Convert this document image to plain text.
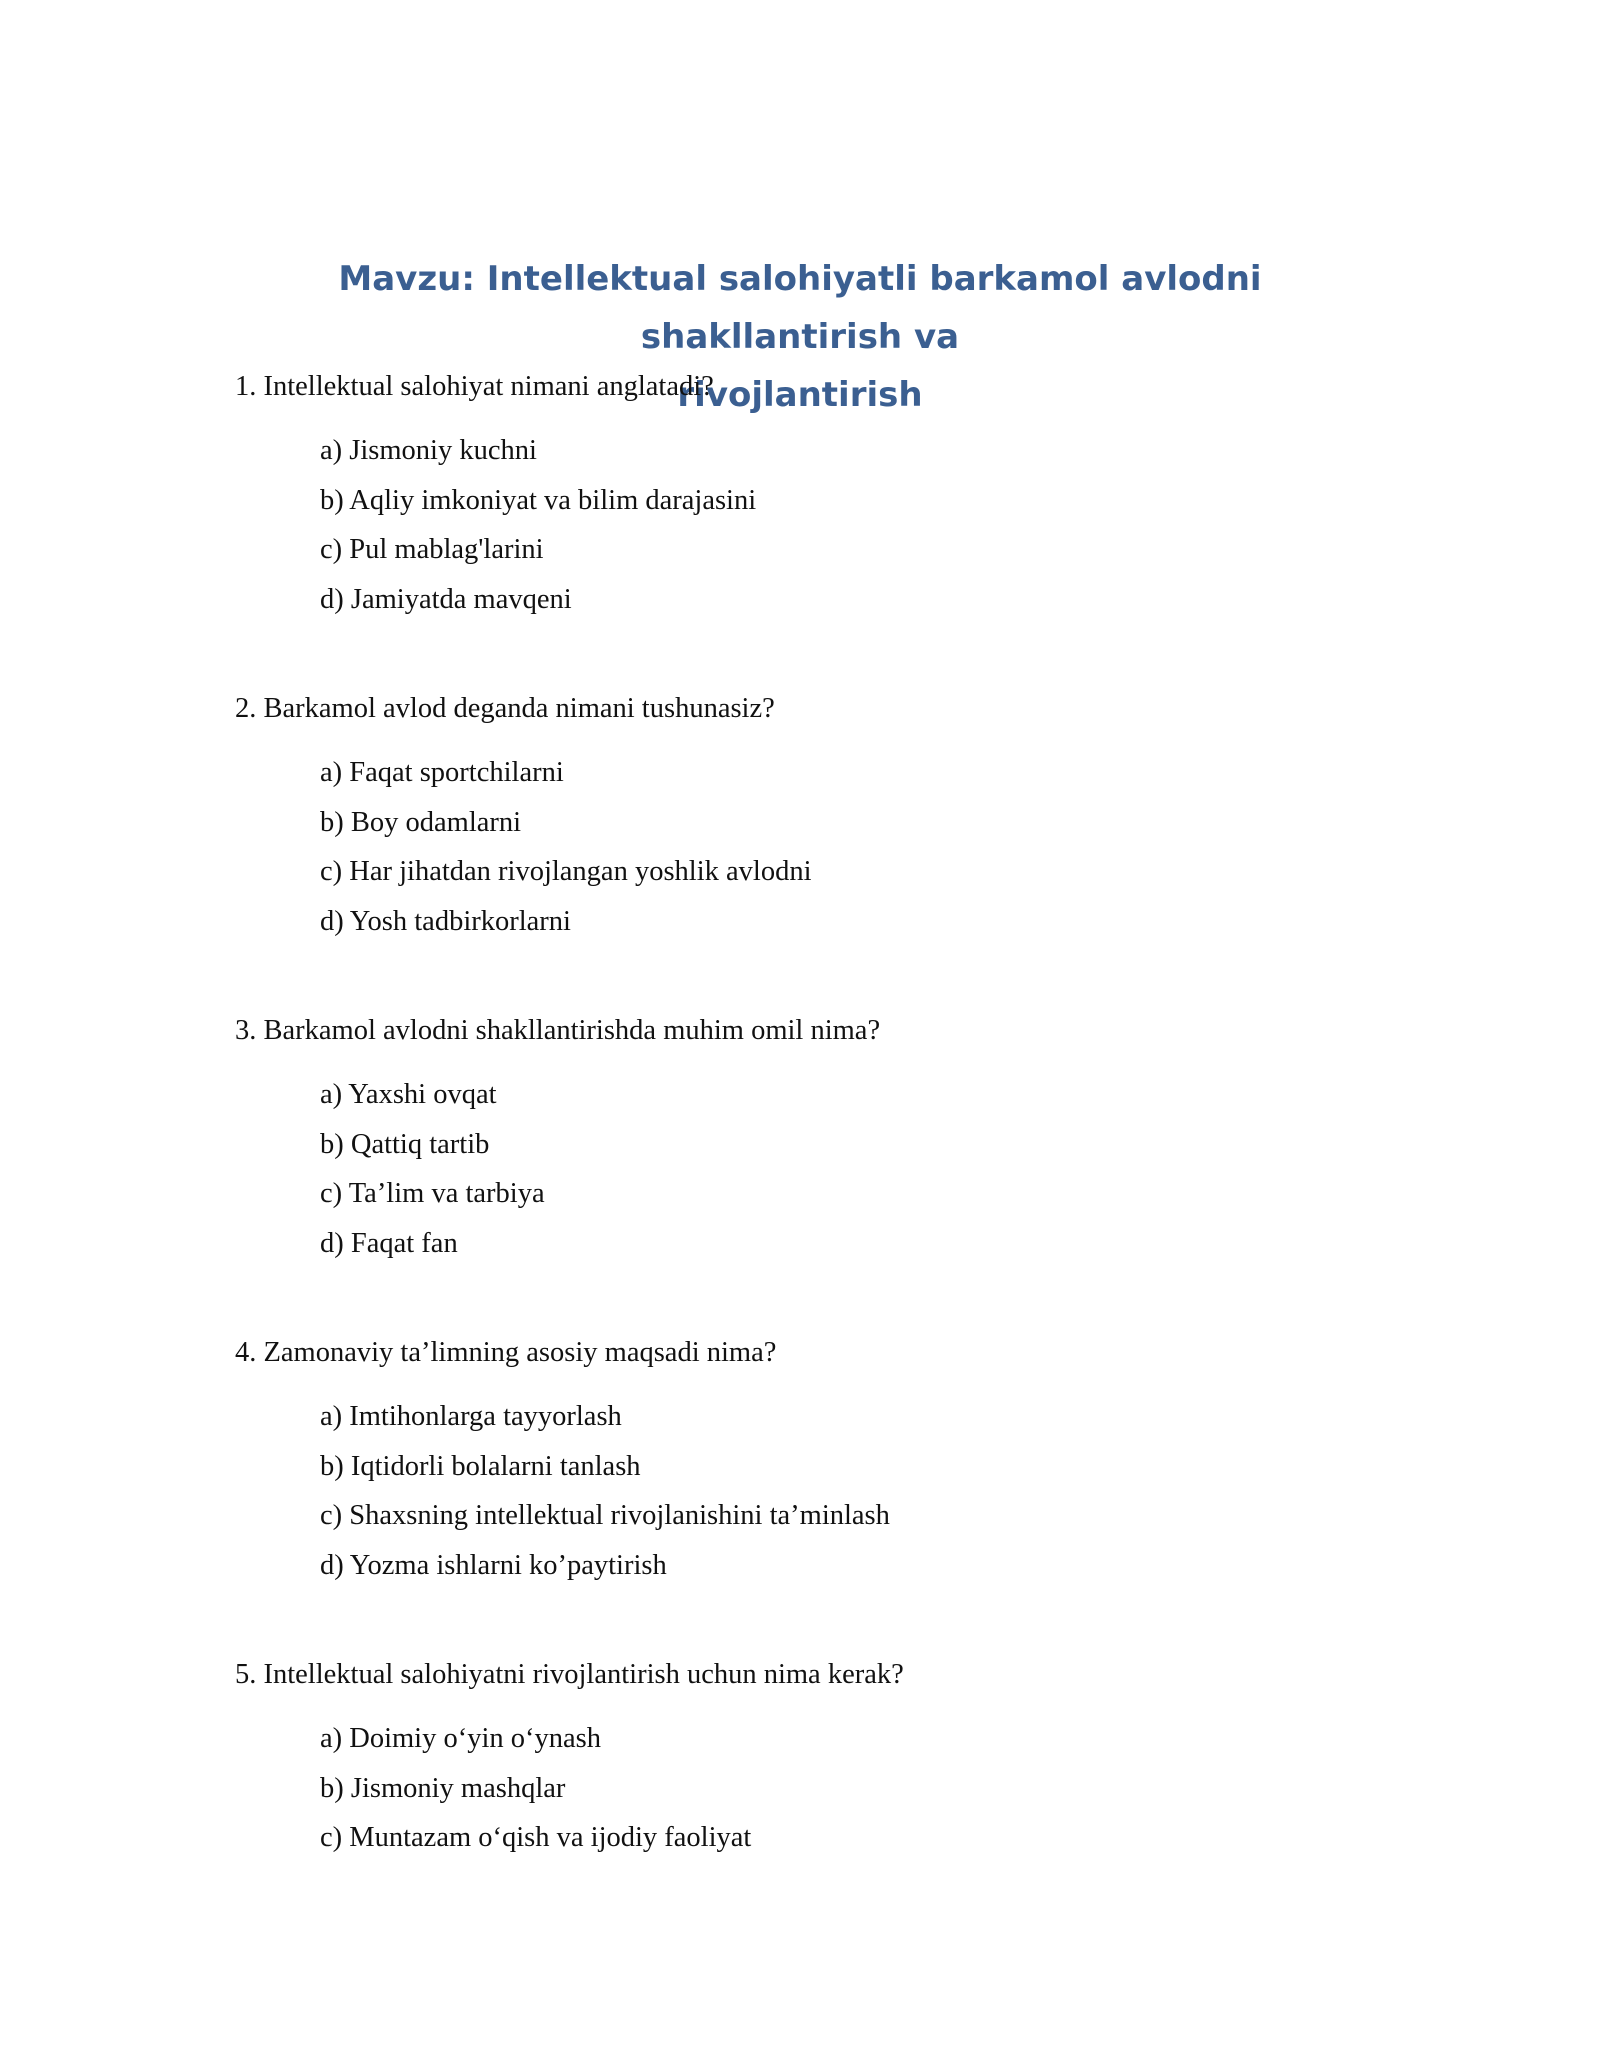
Mavzu: Intellektual salohiyatli barkamol avlodni shakllantirish va
rivojlantirish

1. Intellektual salohiyat nimani anglatadi?

a) Jismoniy kuchni
b) Aqliy imkoniyat va bilim darajasini
c) Pul mablag'larini
d) Jamiyatda mavqeni

2. Barkamol avlod deganda nimani tushunasiz?

a) Faqat sportchilarni
b) Boy odamlarni
c) Har jihatdan rivojlangan yoshlik avlodni
d) Yosh tadbirkorlarni

3. Barkamol avlodni shakllantirishda muhim omil nima?

a) Yaxshi ovqat
b) Qattiq tartib
c) Ta’lim va tarbiya
d) Faqat fan

4. Zamonaviy ta’limning asosiy maqsadi nima?

a) Imtihonlarga tayyorlash
b) Iqtidorli bolalarni tanlash
c) Shaxsning intellektual rivojlanishini ta’minlash
d) Yozma ishlarni ko’paytirish

5. Intellektual salohiyatni rivojlantirish uchun nima kerak?

a) Doimiy o‘yin o‘ynash
b) Jismoniy mashqlar
c) Muntazam o‘qish va ijodiy faoliyat
